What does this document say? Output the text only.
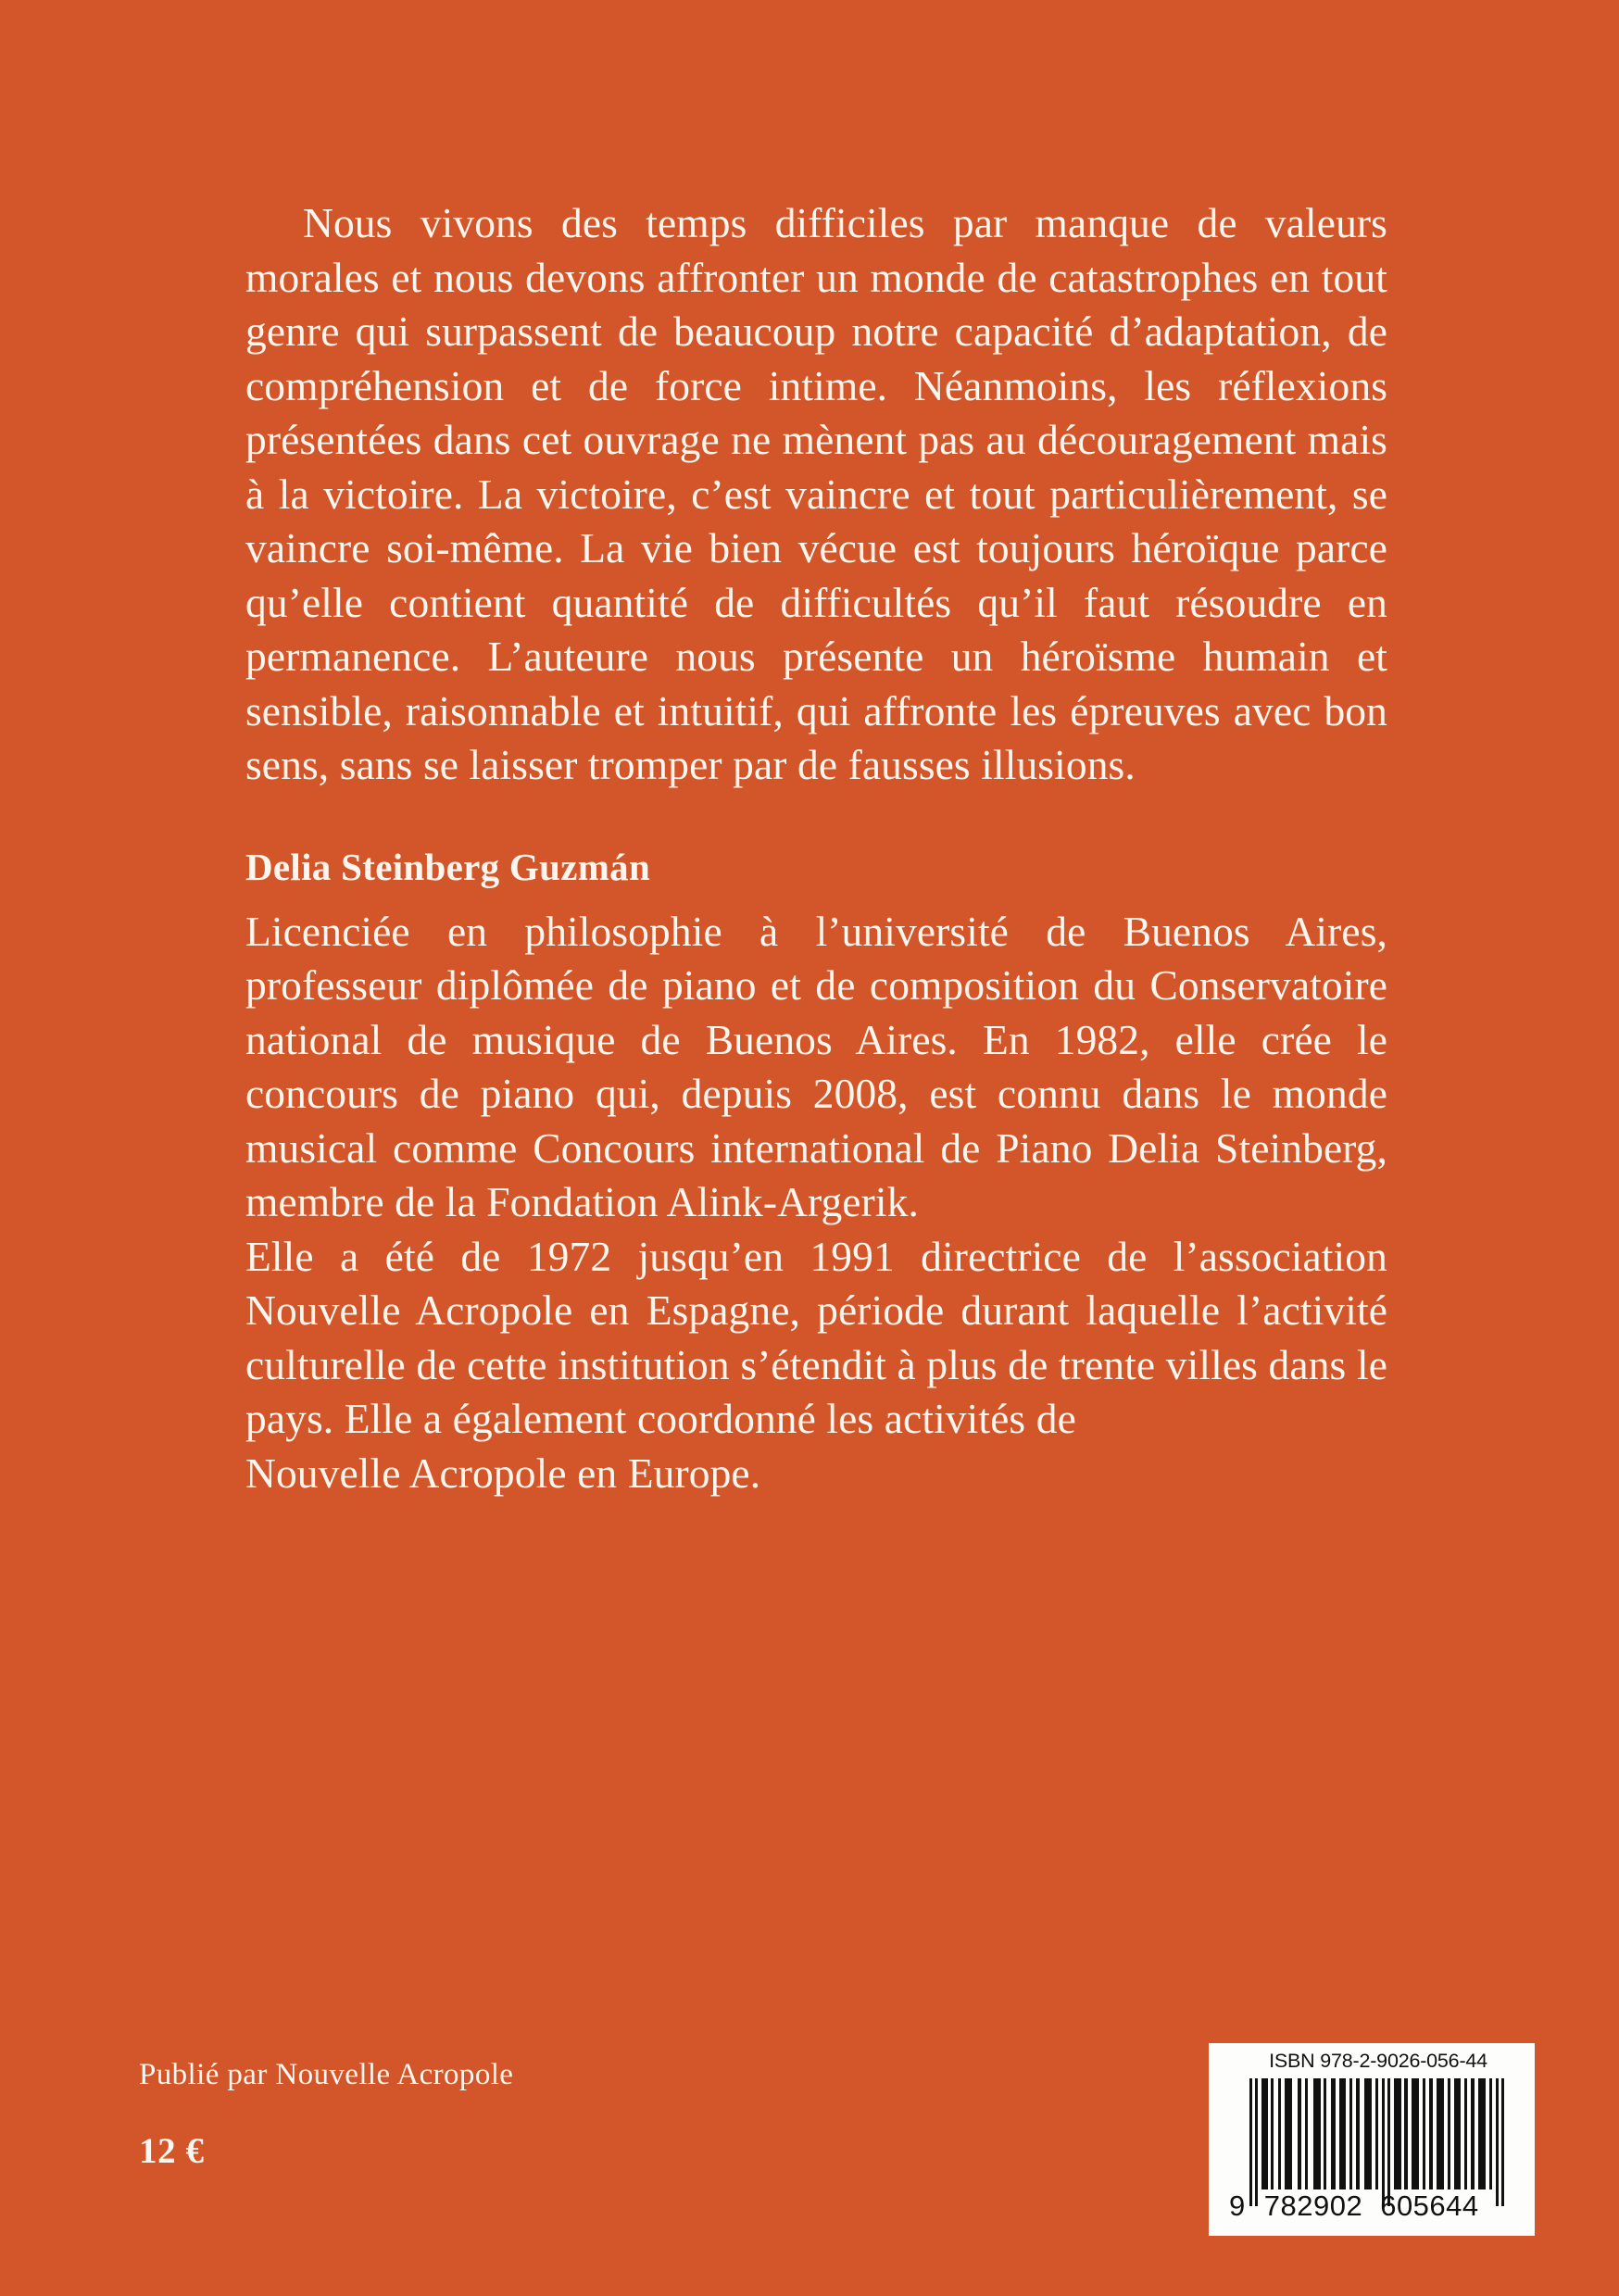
Nous vivons des temps difficiles par manque de valeurs morales et nous devons affronter un monde de catastrophes en tout genre qui surpassent de beaucoup notre capacité d’adaptation, de compréhension et de force intime. Néanmoins, les réflexions présentées dans cet ouvrage ne mènent pas au découragement mais à la victoire. La victoire, c’est vaincre et tout particulièrement, se vaincre soi-même. La vie bien vécue est toujours héroïque parce qu’elle contient quantité de difficultés qu’il faut résoudre en permanence. L’auteure nous présente un héroïsme humain et sensible, raisonnable et intuitif, qui affronte les épreuves avec bon sens, sans se laisser tromper par de fausses illusions.

Delia Steinberg Guzmán

Licenciée en philosophie à l’université de Buenos Aires, professeur diplômée de piano et de composition du Conservatoire national de musique de Buenos Aires. En 1982, elle crée le concours de piano qui, depuis 2008, est connu dans le monde musical comme Concours international de Piano Delia Steinberg, membre de la Fondation Alink-Argerik.

Elle a été de 1972 jusqu’en 1991 directrice de l’association Nouvelle Acropole en Espagne, période durant laquelle l’activité culturelle de cette institution s’étendit à plus de trente villes dans le pays. Elle a également coordonné les activités de

Nouvelle Acropole en Europe.

Publié par Nouvelle Acropole
12 €
ISBN 978-2-9026-056-44
9 782902 605644
